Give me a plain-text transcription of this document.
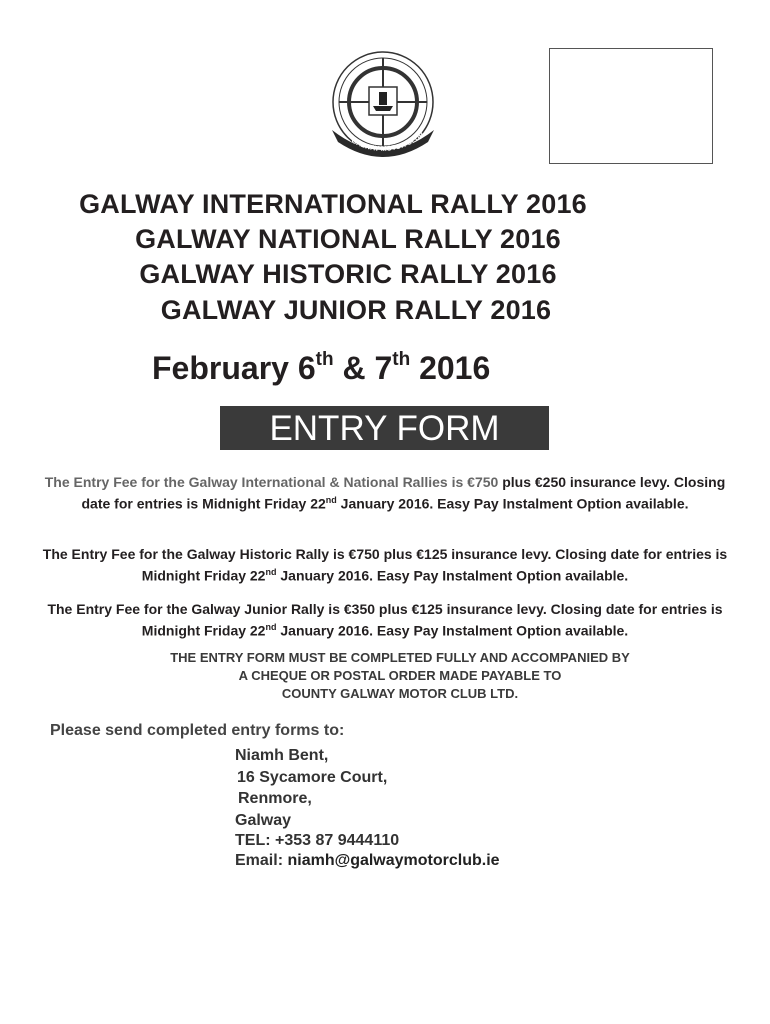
GALWAY MOTOR CLUB
GALWAY INTERNATIONAL RALLY 2016
GALWAY NATIONAL RALLY 2016
GALWAY HISTORIC RALLY 2016
GALWAY JUNIOR RALLY 2016
February 6th & 7th 2016
ENTRY FORM
The Entry Fee for the Galway International & National Rallies is €750 plus €250 insurance levy. Closing date for entries is Midnight Friday 22nd January 2016. Easy Pay Instalment Option available.
The Entry Fee for the Galway Historic Rally is €750 plus €125 insurance levy. Closing date for entries is Midnight Friday 22nd January 2016. Easy Pay Instalment Option available.
The Entry Fee for the Galway Junior Rally is €350 plus €125 insurance levy. Closing date for entries is Midnight Friday 22nd January 2016. Easy Pay Instalment Option available.
THE ENTRY FORM MUST BE COMPLETED FULLY AND ACCOMPANIED BY
A CHEQUE OR POSTAL ORDER MADE PAYABLE TO
COUNTY GALWAY MOTOR CLUB LTD.
Please send completed entry forms to:
Niamh Bent,
16 Sycamore Court,
Renmore,
Galway
TEL: +353 87 9444110
Email: niamh@galwaymotorclub.ie
